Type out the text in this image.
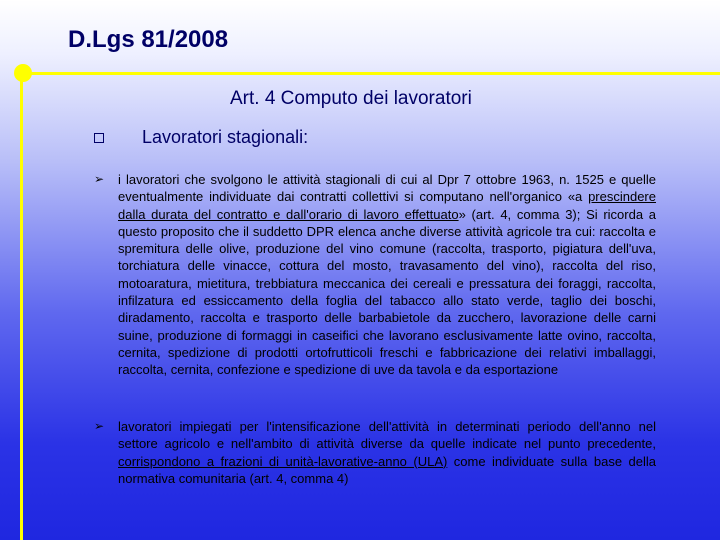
D.Lgs 81/2008
Art. 4 Computo dei lavoratori
Lavoratori stagionali:
➢ i lavoratori che svolgono le attività stagionali di cui al Dpr 7 ottobre 1963, n. 1525 e quelle eventualmente individuate dai contratti collettivi si computano nell'organico «a prescindere dalla durata del contratto e dall'orario di lavoro effettuato» (art. 4, comma 3); Si ricorda a questo proposito che il suddetto DPR elenca anche diverse attività agricole tra cui: raccolta e spremitura delle olive, produzione del vino comune (raccolta, trasporto, pigiatura dell'uva, torchiatura delle vinacce, cottura del mosto, travasamento del vino), raccolta del riso, motoaratura, mietitura, trebbiatura meccanica dei cereali e pressatura dei foraggi, raccolta, infilzatura ed essiccamento della foglia del tabacco allo stato verde, taglio dei boschi, diradamento, raccolta e trasporto delle barbabietole da zucchero, lavorazione delle carni suine, produzione di formaggi in caseifici che lavorano esclusivamente latte ovino, raccolta, cernita, spedizione di prodotti ortofrutticoli freschi e fabbricazione dei relativi imballaggi, raccolta, cernita, confezione e spedizione di uve da tavola e da esportazione
➢ lavoratori impiegati per l'intensificazione dell'attività in determinati periodo dell'anno nel settore agricolo e nell'ambito di attività diverse da quelle indicate nel punto precedente, corrispondono a frazioni di unità-lavorative-anno (ULA) come individuate sulla base della normativa comunitaria (art. 4, comma 4)
